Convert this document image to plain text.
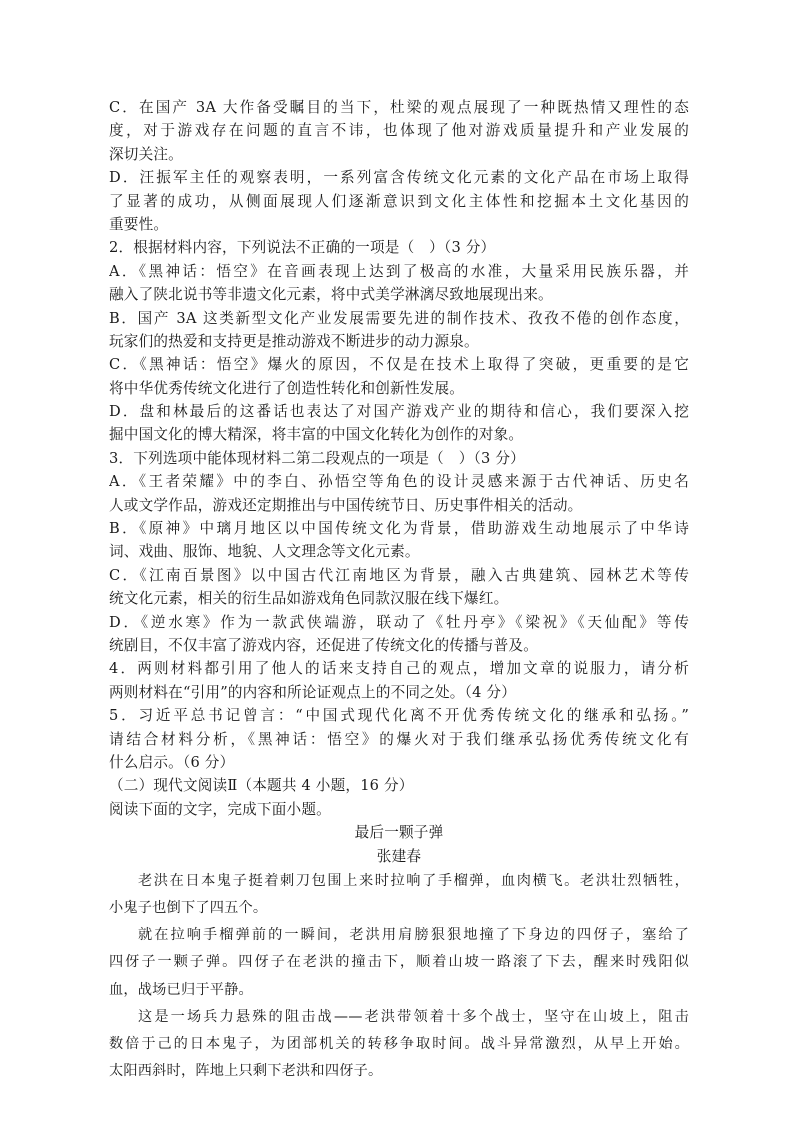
C．在国产 3A 大作备受瞩目的当下，杜梁的观点展现了一种既热情又理性的态
度，对于游戏存在问题的直言不讳，也体现了他对游戏质量提升和产业发展的
深切关注。
D．汪振军主任的观察表明，一系列富含传统文化元素的文化产品在市场上取得
了显著的成功，从侧面展现人们逐渐意识到文化主体性和挖掘本土文化基因的
重要性。
2．根据材料内容，下列说法不正确的一项是（　）（3 分）
A．《黑神话：悟空》在音画表现上达到了极高的水准，大量采用民族乐器，并
融入了陕北说书等非遗文化元素，将中式美学淋漓尽致地展现出来。
B．国产 3A 这类新型文化产业发展需要先进的制作技术、孜孜不倦的创作态度，
玩家们的热爱和支持更是推动游戏不断进步的动力源泉。
C．《黑神话：悟空》爆火的原因，不仅是在技术上取得了突破，更重要的是它
将中华优秀传统文化进行了创造性转化和创新性发展。
D．盘和林最后的这番话也表达了对国产游戏产业的期待和信心，我们要深入挖
掘中国文化的博大精深，将丰富的中国文化转化为创作的对象。
3．下列选项中能体现材料二第二段观点的一项是（　）（3 分）
A．《王者荣耀》中的李白、孙悟空等角色的设计灵感来源于古代神话、历史名
人或文学作品，游戏还定期推出与中国传统节日、历史事件相关的活动。
B．《原神》中璃月地区以中国传统文化为背景，借助游戏生动地展示了中华诗
词、戏曲、服饰、地貌、人文理念等文化元素。
C．《江南百景图》以中国古代江南地区为背景，融入古典建筑、园林艺术等传
统文化元素，相关的衍生品如游戏角色同款汉服在线下爆红。
D．《逆水寒》作为一款武侠端游，联动了《牡丹亭》《梁祝》《天仙配》等传
统剧目，不仅丰富了游戏内容，还促进了传统文化的传播与普及。
4．两则材料都引用了他人的话来支持自己的观点，增加文章的说服力，请分析
两则材料在“引用”的内容和所论证观点上的不同之处。（4 分）
5．习近平总书记曾言：“中国式现代化离不开优秀传统文化的继承和弘扬。”
请结合材料分析，《黑神话：悟空》的爆火对于我们继承弘扬优秀传统文化有
什么启示。（6 分）
（二）现代文阅读Ⅱ（本题共 4 小题，16 分）
阅读下面的文字，完成下面小题。
最后一颗子弹
张建春
老洪在日本鬼子挺着刺刀包围上来时拉响了手榴弹，血肉横飞。老洪壮烈牺牲，
小鬼子也倒下了四五个。
就在拉响手榴弹前的一瞬间，老洪用肩膀狠狠地撞了下身边的四伢子，塞给了
四伢子一颗子弹。四伢子在老洪的撞击下，顺着山坡一路滚了下去，醒来时残阳似
血，战场已归于平静。
这是一场兵力悬殊的阻击战——老洪带领着十多个战士，坚守在山坡上，阻击
数倍于己的日本鬼子，为团部机关的转移争取时间。战斗异常激烈，从早上开始。
太阳西斜时，阵地上只剩下老洪和四伢子。
